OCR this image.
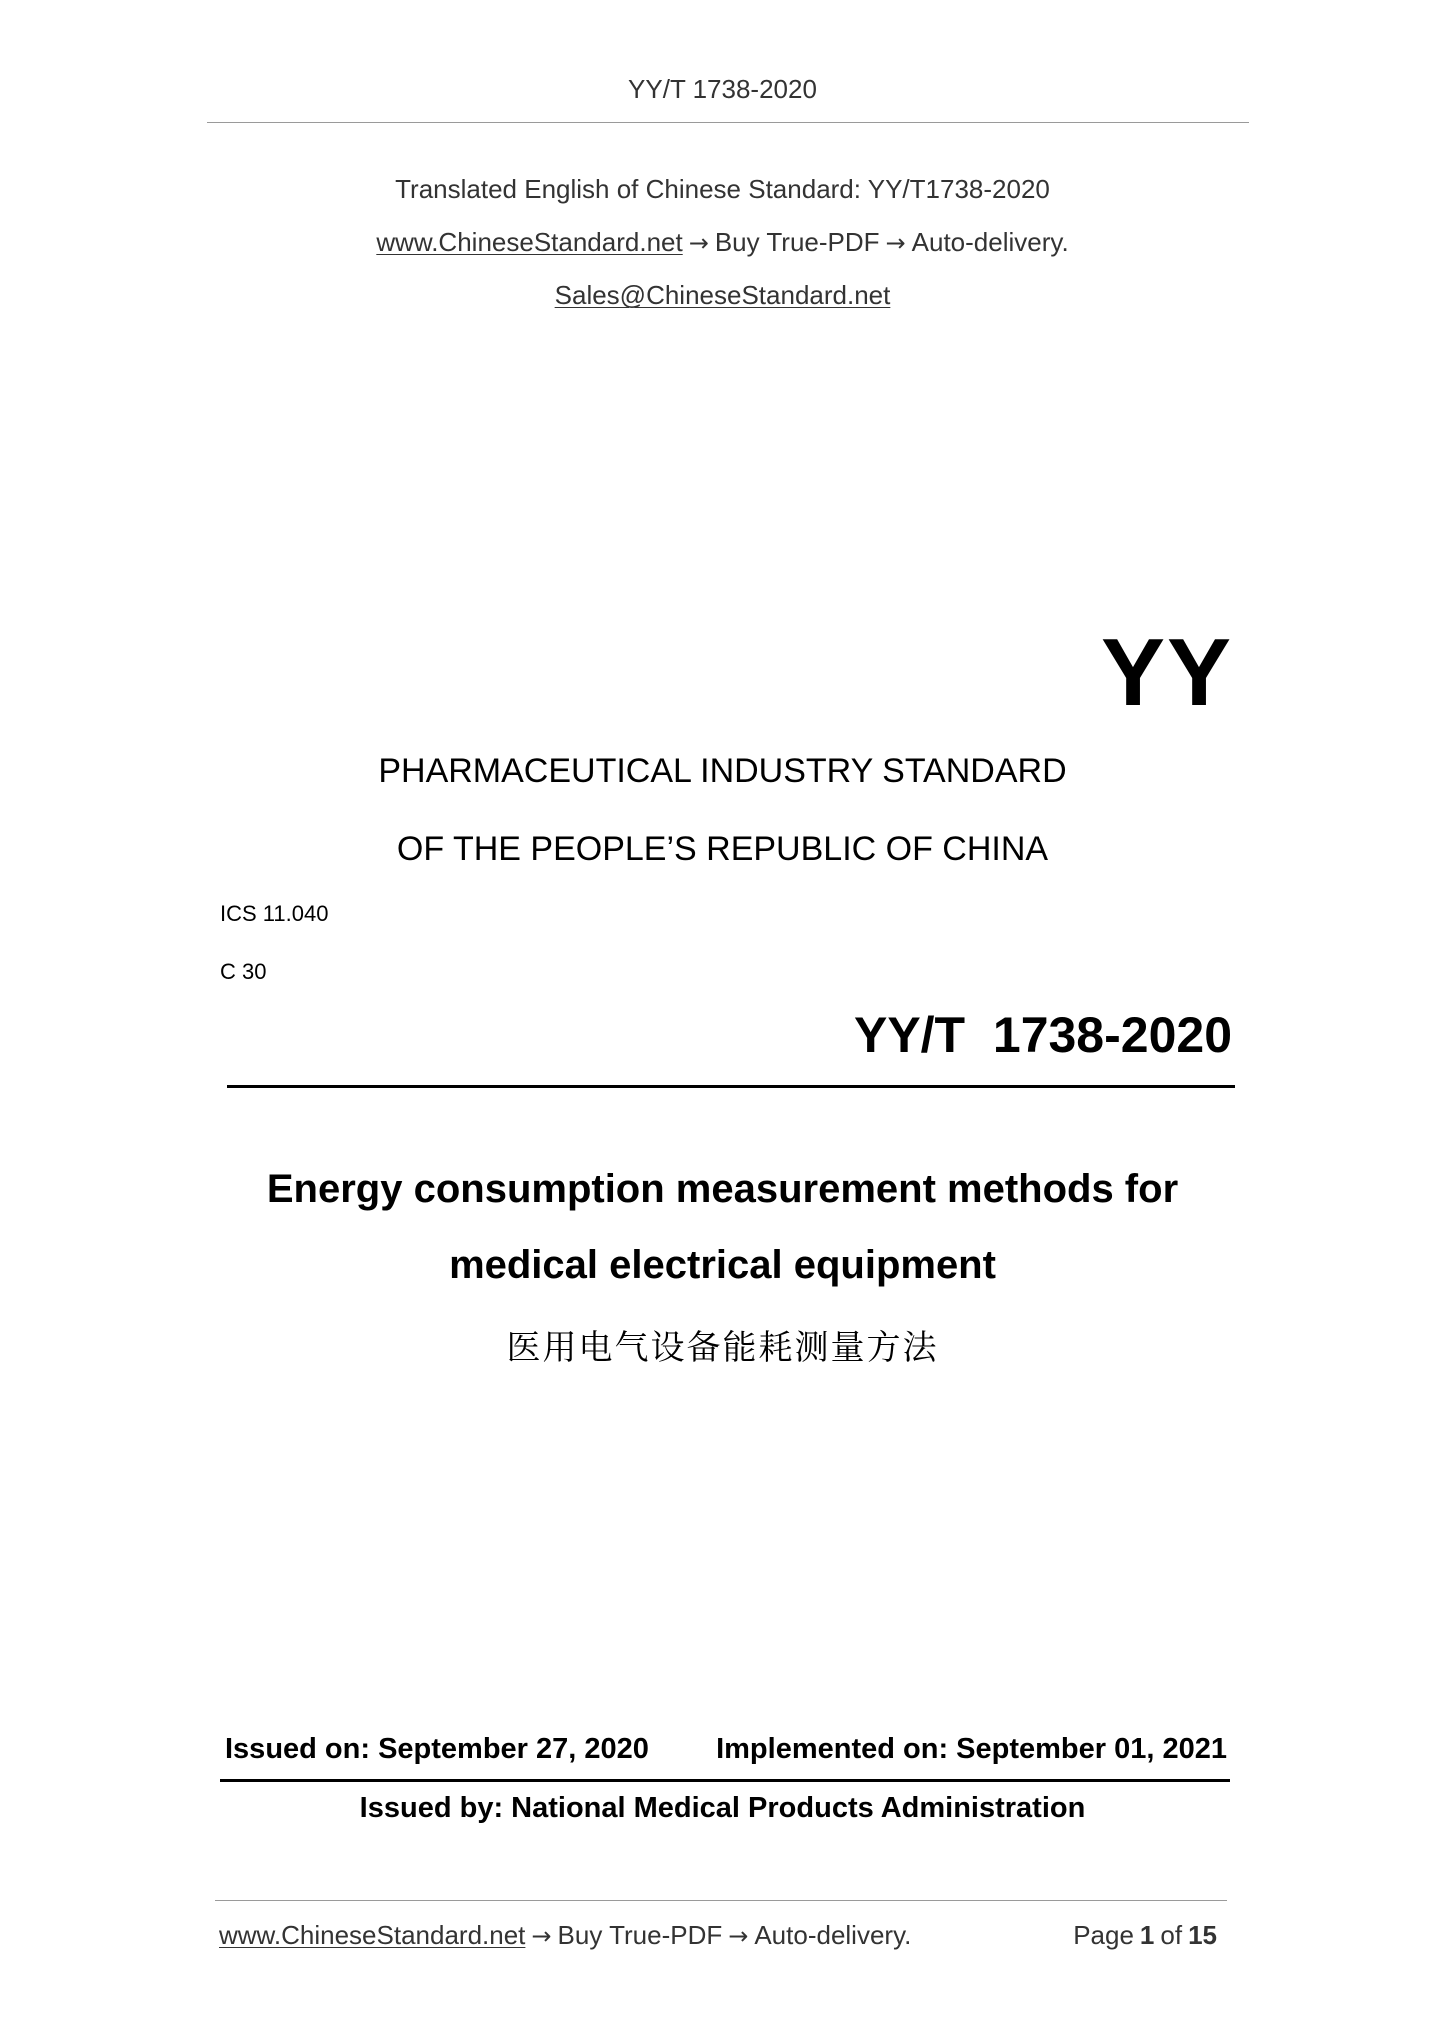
YY/T 1738-2020
Translated English of Chinese Standard: YY/T1738-2020
www.ChineseStandard.net → Buy True-PDF → Auto-delivery.
Sales@ChineseStandard.net
YY
PHARMACEUTICAL INDUSTRY STANDARD
OF THE PEOPLE’S REPUBLIC OF CHINA
ICS 11.040
C 30
YY/T  1738-2020
Energy consumption measurement methods for
medical electrical equipment
医用电气设备能耗测量方法
Issued on: September 27, 2020 Implemented on: September 01, 2021
Issued by: National Medical Products Administration
www.ChineseStandard.net → Buy True-PDF → Auto-delivery.	Page 1 of 15
